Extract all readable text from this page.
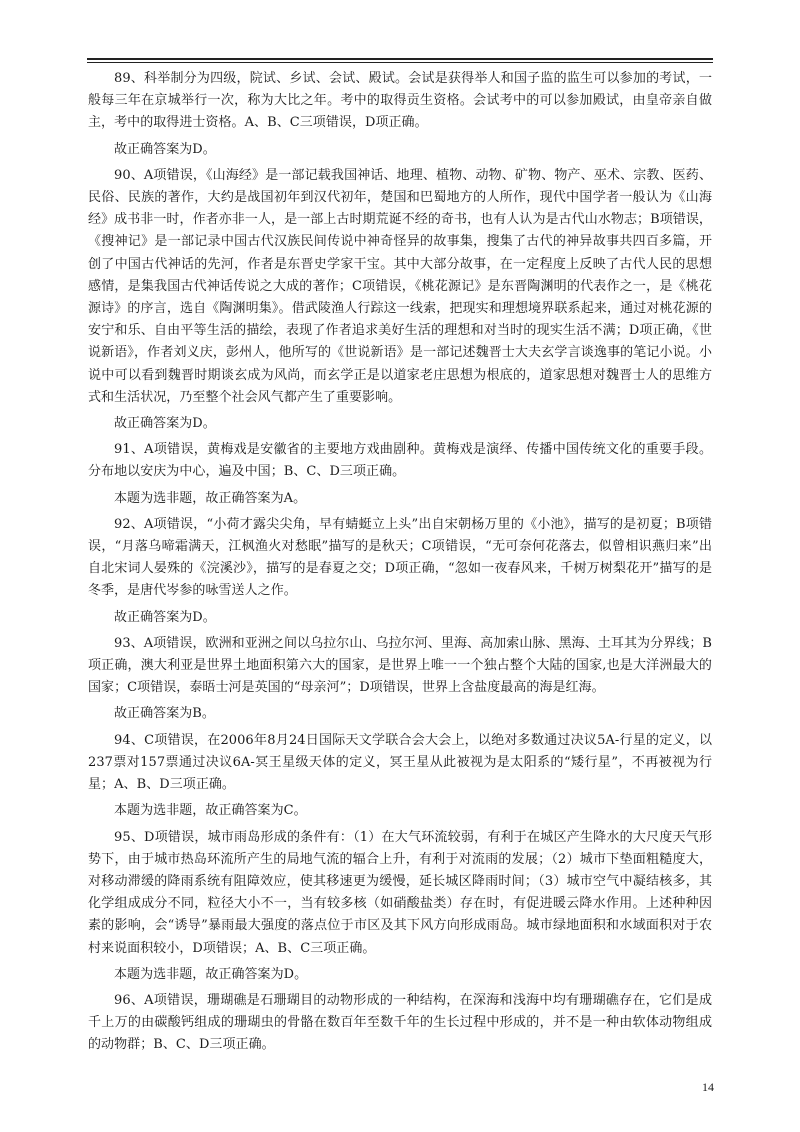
89、科举制分为四级，院试、乡试、会试、殿试。会试是获得举人和国子监的监生可以参加的考试，一般每三年在京城举行一次，称为大比之年。考中的取得贡生资格。会试考中的可以参加殿试，由皇帝亲自做主，考中的取得进士资格。A、B、C三项错误，D项正确。

故正确答案为D。

90、A项错误，《山海经》是一部记载我国神话、地理、植物、动物、矿物、物产、巫术、宗教、医药、民俗、民族的著作，大约是战国初年到汉代初年，楚国和巴蜀地方的人所作，现代中国学者一般认为《山海经》成书非一时，作者亦非一人，是一部上古时期荒诞不经的奇书，也有人认为是古代山水物志；B项错误，《搜神记》是一部记录中国古代汉族民间传说中神奇怪异的故事集，搜集了古代的神异故事共四百多篇，开创了中国古代神话的先河，作者是东晋史学家干宝。其中大部分故事，在一定程度上反映了古代人民的思想感情，是集我国古代神话传说之大成的著作；C项错误，《桃花源记》是东晋陶渊明的代表作之一，是《桃花源诗》的序言，选自《陶渊明集》。借武陵渔人行踪这一线索，把现实和理想境界联系起来，通过对桃花源的安宁和乐、自由平等生活的描绘，表现了作者追求美好生活的理想和对当时的现实生活不满；D项正确，《世说新语》，作者刘义庆，彭州人，他所写的《世说新语》是一部记述魏晋士大夫玄学言谈逸事的笔记小说。小说中可以看到魏晋时期谈玄成为风尚，而玄学正是以道家老庄思想为根底的，道家思想对魏晋士人的思维方式和生活状况，乃至整个社会风气都产生了重要影响。

故正确答案为D。

91、A项错误，黄梅戏是安徽省的主要地方戏曲剧种。黄梅戏是演绎、传播中国传统文化的重要手段。分布地以安庆为中心，遍及中国；B、C、D三项正确。

本题为选非题，故正确答案为A。

92、A项错误，“小荷才露尖尖角，早有蜻蜓立上头”出自宋朝杨万里的《小池》，描写的是初夏；B项错误，“月落乌啼霜满天，江枫渔火对愁眠”描写的是秋天；C项错误，“无可奈何花落去，似曾相识燕归来”出自北宋词人晏殊的《浣溪沙》，描写的是春夏之交；D项正确，“忽如一夜春风来，千树万树梨花开”描写的是冬季，是唐代岑参的咏雪送人之作。

故正确答案为D。

93、A项错误，欧洲和亚洲之间以乌拉尔山、乌拉尔河、里海、高加索山脉、黑海、土耳其为分界线；B项正确，澳大利亚是世界土地面积第六大的国家，是世界上唯一一个独占整个大陆的国家,也是大洋洲最大的国家；C项错误，泰晤士河是英国的“母亲河”；D项错误，世界上含盐度最高的海是红海。

故正确答案为B。

94、C项错误，在2006年8月24日国际天文学联合会大会上，以绝对多数通过决议5A-行星的定义，以237票对157票通过决议6A-冥王星级天体的定义，冥王星从此被视为是太阳系的“矮行星”，不再被视为行星；A、B、D三项正确。

本题为选非题，故正确答案为C。

95、D项错误，城市雨岛形成的条件有：（1）在大气环流较弱，有利于在城区产生降水的大尺度天气形势下，由于城市热岛环流所产生的局地气流的辐合上升，有利于对流雨的发展；（2）城市下垫面粗糙度大，对移动滞缓的降雨系统有阻障效应，使其移速更为缓慢，延长城区降雨时间；（3）城市空气中凝结核多，其化学组成成分不同，粒径大小不一，当有较多核（如硝酸盐类）存在时，有促进暖云降水作用。上述种种因素的影响，会“诱导”暴雨最大强度的落点位于市区及其下风方向形成雨岛。城市绿地面积和水域面积对于农村来说面积较小，D项错误；A、B、C三项正确。

本题为选非题，故正确答案为D。

96、A项错误，珊瑚礁是石珊瑚目的动物形成的一种结构，在深海和浅海中均有珊瑚礁存在，它们是成千上万的由碳酸钙组成的珊瑚虫的骨骼在数百年至数千年的生长过程中形成的，并不是一种由软体动物组成的动物群；B、C、D三项正确。

14
